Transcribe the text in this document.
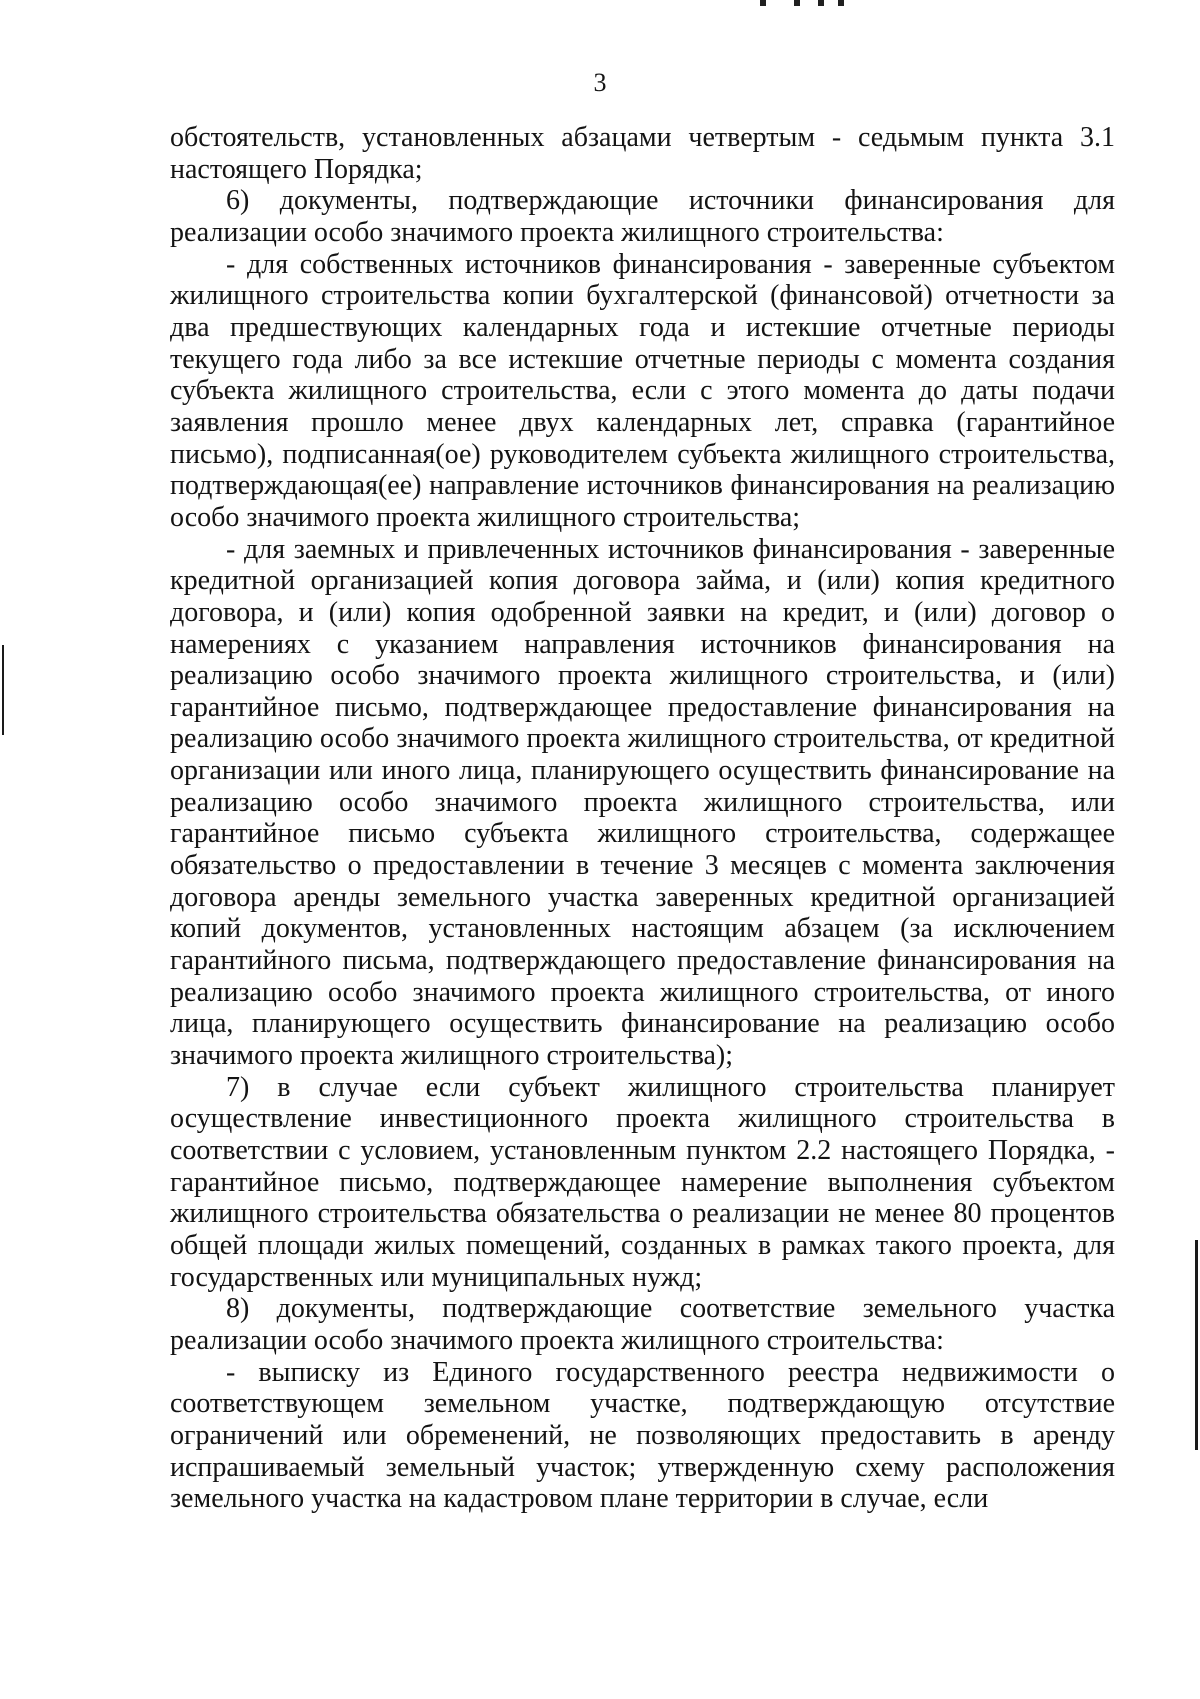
3

обстоятельств, установленных абзацами четвертым - седьмым пункта 3.1 настоящего Порядка;

6) документы, подтверждающие источники финансирования для реализации особо значимого проекта жилищного строительства:

- для собственных источников финансирования - заверенные субъектом жилищного строительства копии бухгалтерской (финансовой) отчетности за два предшествующих календарных года и истекшие отчетные периоды текущего года либо за все истекшие отчетные периоды с момента создания субъекта жилищного строительства, если с этого момента до даты подачи заявления прошло менее двух календарных лет, справка (гарантийное письмо), подписанная(ое) руководителем субъекта жилищного строительства, подтверждающая(ее) направление источников финансирования на реализацию особо значимого проекта жилищного строительства;

- для заемных и привлеченных источников финансирования - заверенные кредитной организацией копия договора займа, и (или) копия кредитного договора, и (или) копия одобренной заявки на кредит, и (или) договор о намерениях с указанием направления источников финансирования на реализацию особо значимого проекта жилищного строительства, и (или) гарантийное письмо, подтверждающее предоставление финансирования на реализацию особо значимого проекта жилищного строительства, от кредитной организации или иного лица, планирующего осуществить финансирование на реализацию особо значимого проекта жилищного строительства, или гарантийное письмо субъекта жилищного строительства, содержащее обязательство о предоставлении в течение 3 месяцев с момента заключения договора аренды земельного участка заверенных кредитной организацией копий документов, установленных настоящим абзацем (за исключением гарантийного письма, подтверждающего предоставление финансирования на реализацию особо значимого проекта жилищного строительства, от иного лица, планирующего осуществить финансирование на реализацию особо значимого проекта жилищного строительства);

7) в случае если субъект жилищного строительства планирует осуществление инвестиционного проекта жилищного строительства в соответствии с условием, установленным пунктом 2.2 настоящего Порядка, - гарантийное письмо, подтверждающее намерение выполнения субъектом жилищного строительства обязательства о реализации не менее 80 процентов общей площади жилых помещений, созданных в рамках такого проекта, для государственных или муниципальных нужд;

8) документы, подтверждающие соответствие земельного участка реализации особо значимого проекта жилищного строительства:

- выписку из Единого государственного реестра недвижимости о соответствующем земельном участке, подтверждающую отсутствие ограничений или обременений, не позволяющих предоставить в аренду испрашиваемый земельный участок; утвержденную схему расположения земельного участка на кадастровом плане территории в случае, если
